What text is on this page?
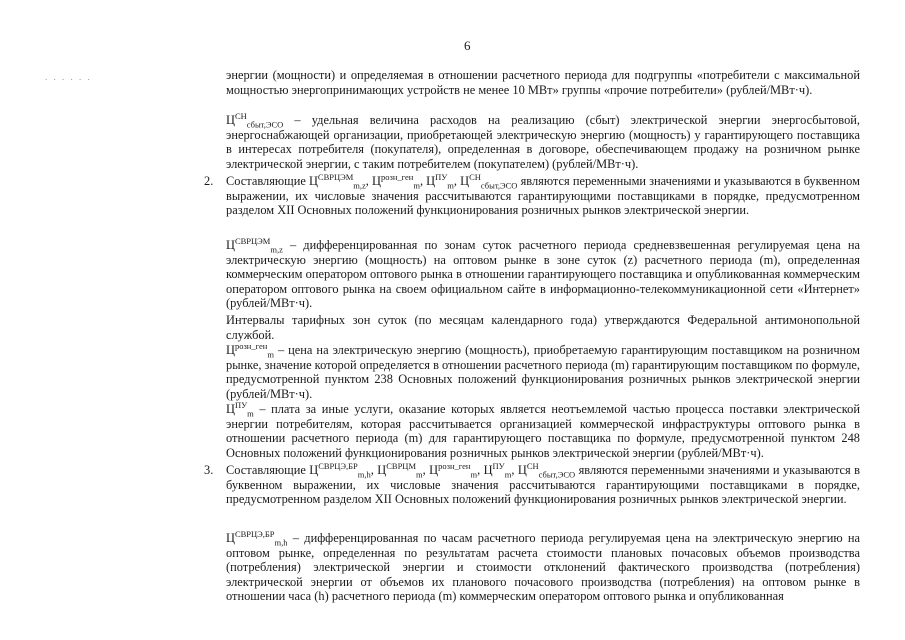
6
. . . . . .	энергии (мощности) и определяемая в отношении расчетного периода для подгруппы «потребители с максимальной мощностью энергопринимающих устройств не менее 10 МВт» группы «прочие потребители» (рублей/МВт·ч).
$Ц^{СН}_{сбыт,ЭСО}$ – удельная величина расходов на реализацию (сбыт) электрической энергии энергосбытовой, энергоснабжающей организации, приобретающей электрическую энергию (мощность) у гарантирующего поставщика в интересах потребителя (покупателя), определенная в договоре, обеспечивающем продажу на розничном рынке электрической энергии, с таким потребителем (покупателем) (рублей/МВт·ч).
2. Составляющие $Ц^{СВРЦЭМ}_{m,z}$, $Ц^{розн\_ген}_m$, $Ц^{ПУ}_m$, $Ц^{СН}_{сбыт,ЭСО}$ являются переменными значениями и указываются в буквенном выражении, их числовые значения рассчитываются гарантирующими поставщиками в порядке, предусмотренном разделом XII Основных положений функционирования розничных рынков электрической энергии.
$Ц^{СВРЦЭМ}_{m,z}$ – дифференцированная по зонам суток расчетного периода средневзвешенная регулируемая цена на электрическую энергию (мощность) на оптовом рынке в зоне суток (z) расчетного периода (m), определенная коммерческим оператором оптового рынка в отношении гарантирующего поставщика и опубликованная коммерческим оператором оптового рынка на своем официальном сайте в информационно-телекоммуникационной сети «Интернет» (рублей/МВт·ч).
Интервалы тарифных зон суток (по месяцам календарного года) утверждаются Федеральной антимонопольной службой.
$Ц^{розн\_ген}_m$ – цена на электрическую энергию (мощность), приобретаемую гарантирующим поставщиком на розничном рынке, значение которой определяется в отношении расчетного периода (m) гарантирующим поставщиком по формуле, предусмотренной пунктом 238 Основных положений функционирования розничных рынков электрической энергии (рублей/МВт·ч).
$Ц^{ПУ}_m$ – плата за иные услуги, оказание которых является неотъемлемой частью процесса поставки электрической энергии потребителям, которая рассчитывается организацией коммерческой инфраструктуры оптового рынка в отношении расчетного периода (m) для гарантирующего поставщика по формуле, предусмотренной пунктом 248 Основных положений функционирования розничных рынков электрической энергии (рублей/МВт·ч).
3. Составляющие $Ц^{СВРЦЭ,БР}_{m,h}$, $Ц^{СВРЦМ}_m$, $Ц^{розн\_ген}_m$, $Ц^{ПУ}_m$, $Ц^{СН}_{сбыт,ЭСО}$ являются переменными значениями и указываются в буквенном выражении, их числовые значения рассчитываются гарантирующими поставщиками в порядке, предусмотренном разделом XII Основных положений функционирования розничных рынков электрической энергии.
$Ц^{СВРЦЭ,БР}_{m,h}$ – дифференцированная по часам расчетного периода регулируемая цена на электрическую энергию на оптовом рынке, определенная по результатам расчета стоимости плановых почасовых объемов производства (потребления) электрической энергии и стоимости отклонений фактического производства (потребления) электрической энергии от объемов их планового почасового производства (потребления) на оптовом рынке в отношении часа (h) расчетного периода (m) коммерческим оператором оптового рынка и опубликованная
